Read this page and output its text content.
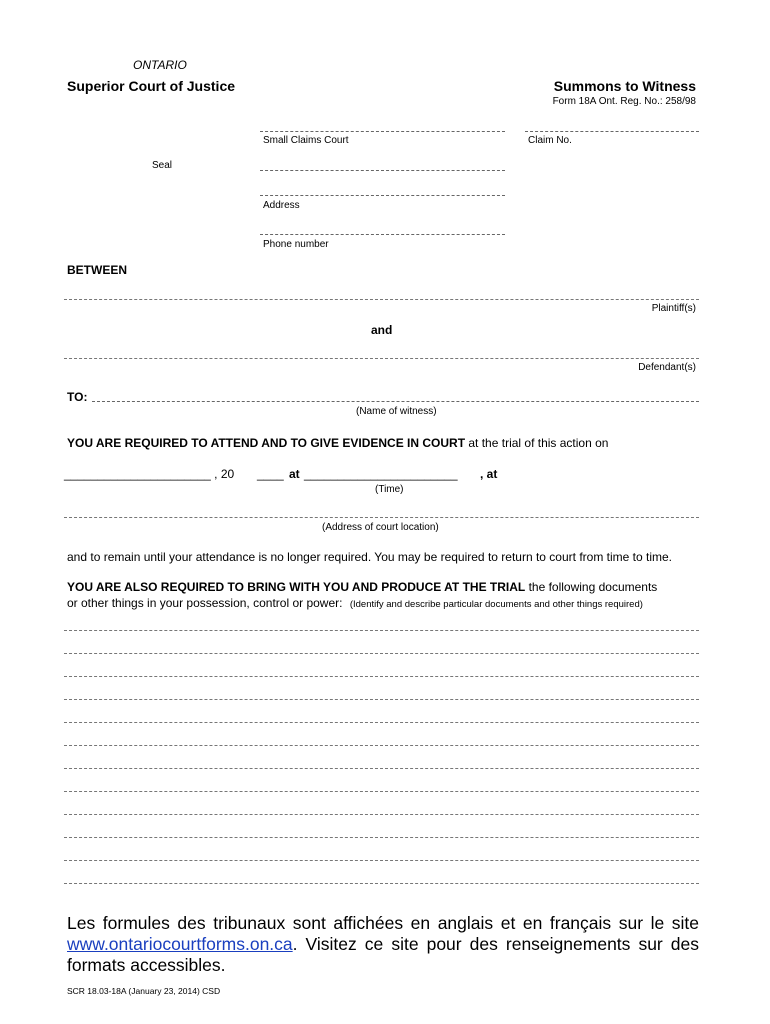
ONTARIO
Superior Court of Justice	Summons to Witness
Form 18A Ont. Reg. No.: 258/98
Small Claims Court	Claim No.
Seal
Address
Phone number
BETWEEN
Plaintiff(s)
and
Defendant(s)
TO:
(Name of witness)
YOU ARE REQUIRED TO ATTEND AND TO GIVE EVIDENCE IN COURT at the trial of this action on
______________________ , 20 ____ at _______________________ , at
(Time)
(Address of court location)
and to remain until your attendance is no longer required. You may be required to return to court from time to time.
YOU ARE ALSO REQUIRED TO BRING WITH YOU AND PRODUCE AT THE TRIAL the following documents
or other things in your possession, control or power: (Identify and describe particular documents and other things required)
Les formules des tribunaux sont affichées en anglais et en français sur le site www.ontariocourtforms.on.ca. Visitez ce site pour des renseignements sur des formats accessibles.
SCR 18.03-18A (January 23, 2014) CSD
